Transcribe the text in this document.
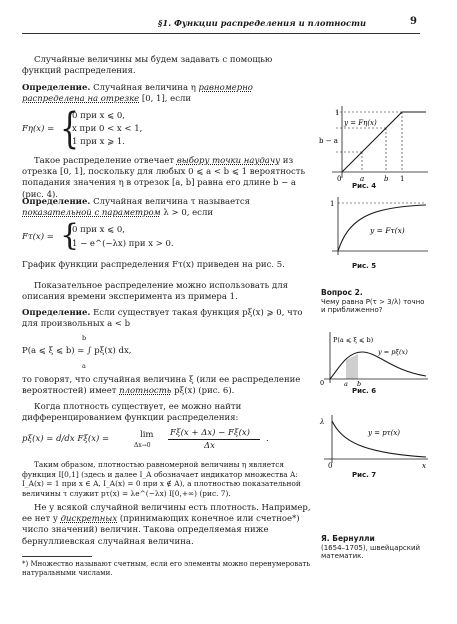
§1. Функции распределения и плотности	9

Случайные величины мы будем задавать с помощью функций распределения.

Определение. Случайная величина η равномерно распределена на отрезке [0, 1], если

Fη(x) = {
0 при x ⩽ 0,
x при 0 < x < 1,
1 при x ⩾ 1.

Такое распределение отвечает выбору точки наудачу из отрезка [0, 1], поскольку для любых 0 ⩽ a < b ⩽ 1 вероятность попадания значения η в отрезок [a, b] равна его длине b − a (рис. 4).

Определение. Случайная величина τ называется показательной с параметром λ > 0, если

Fτ(x) = {
0 при x ⩽ 0,
1 − e^(−λx) при x > 0.

График функции распределения Fτ(x) приведен на рис. 5.

Показательное распределение можно использовать для описания времени эксперимента из примера 1.

Определение. Если существует такая функция pξ(x) ⩾ 0, что для произвольных a < b

b
P(a ⩽ ξ ⩽ b) = ∫ pξ(x) dx,
a

то говорят, что случайная величина ξ (или ее распределение вероятностей) имеет плотность pξ(x) (рис. 6).

Когда плотность существует, ее можно найти дифференцированием функции распределения:

pξ(x) = d/dx Fξ(x) =	lim
Δx→0
Fξ(x + Δx) − Fξ(x)
Δx
.

Таким образом, плотностью равномерной величины η является функция I[0,1] (здесь и далее I_A обозначает индикатор множества A: I_A(x) = 1 при x ∈ A, I_A(x) = 0 при x ∉ A), а плотностью показательной величины τ служит pτ(x) = λe^(−λx) I[0,+∞) (рис. 7).

Не у всякой случайной величины есть плотность. Например, ее нет у дискретных (принимающих конечное или счетное*) число значений) величин. Такова определяемая ниже бернуллиевская случайная величина.

*) Множество называют счетным, если его элементы можно перенумеровать натуральными числами.
1
b − a
y = Fη(x)
0	a	b 1
Рис. 4
1
y = Fτ(x)
Рис. 5
Вопрос 2.
Чему равна P(τ > 3/λ) точно и приближенно?
P(a ⩽ ξ ⩽ b)
y = pξ(x)
0	a b
Рис. 6
λ
y = pτ(x)
0	x
Рис. 7
Я. Бернулли
(1654–1705), швейцарский математик.
